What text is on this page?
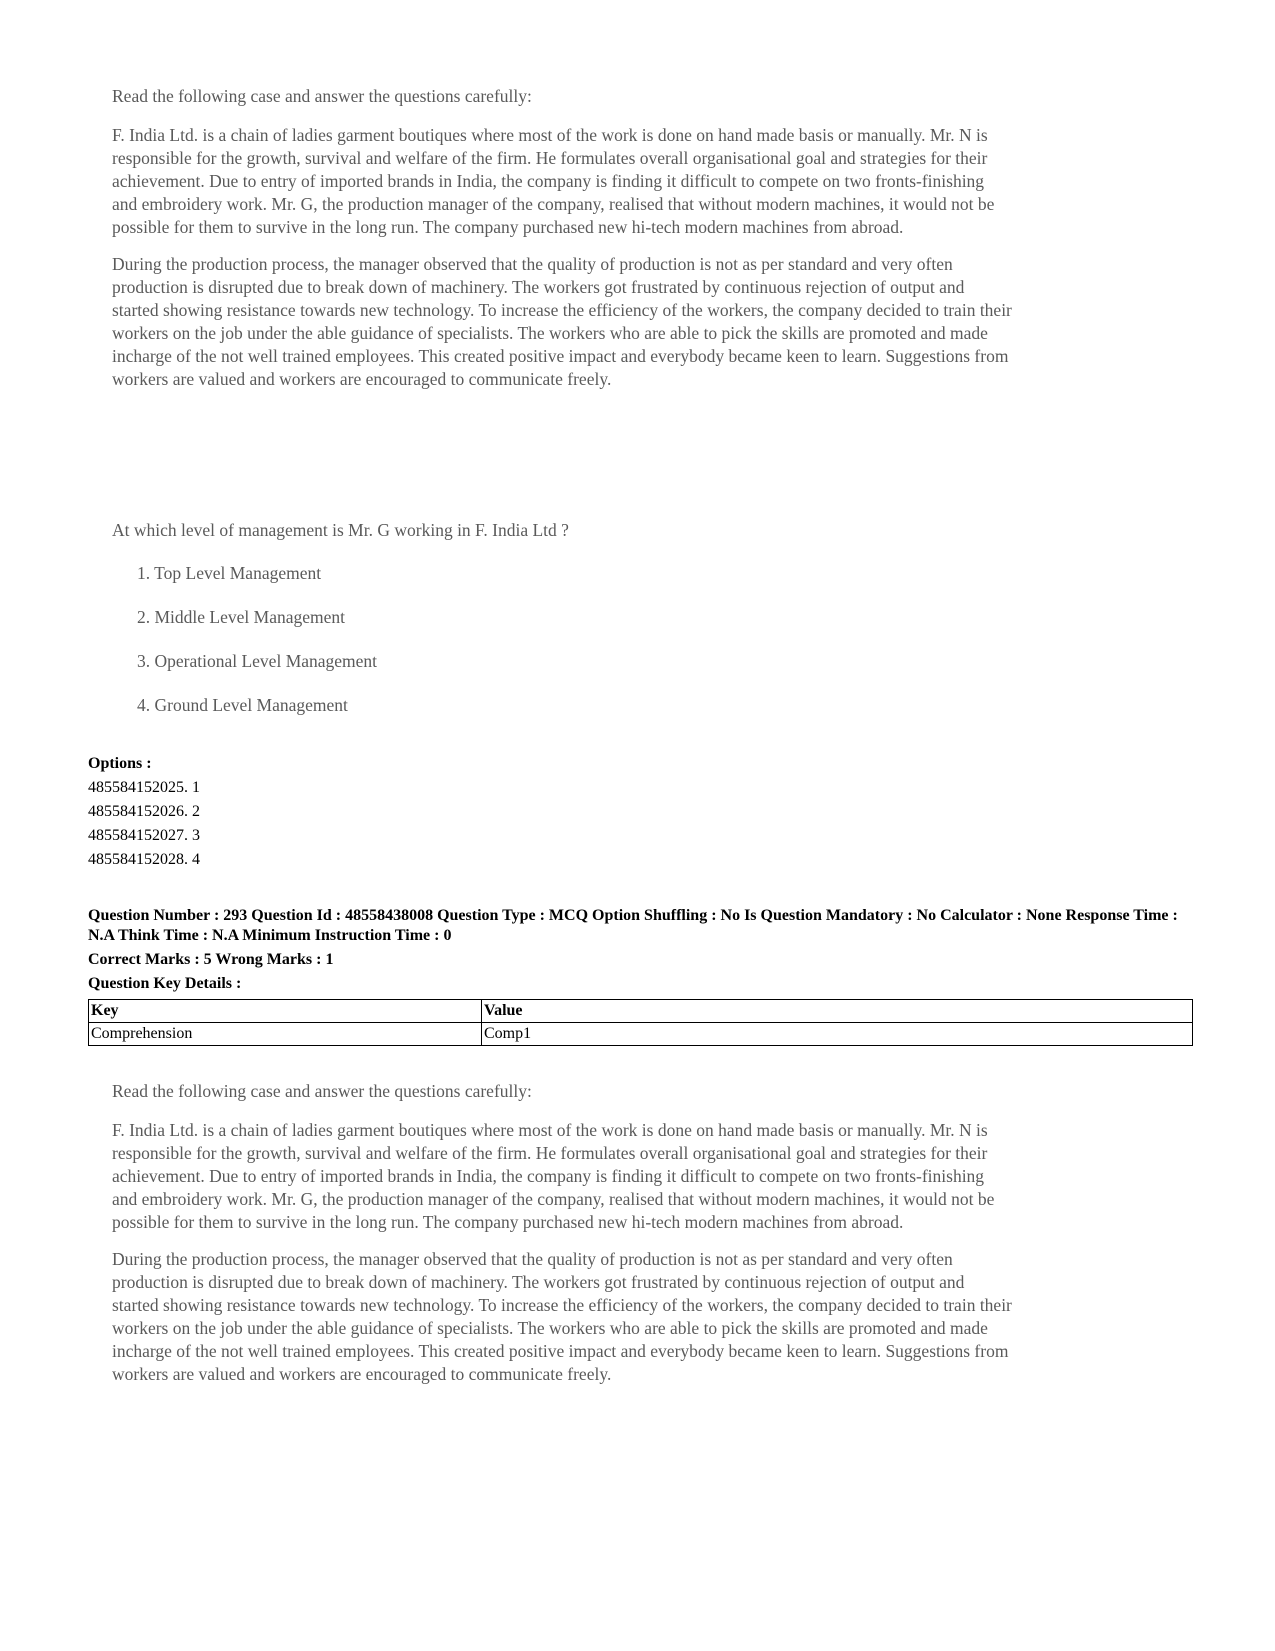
Read the following case and answer the questions carefully:

F. India Ltd. is a chain of ladies garment boutiques where most of the work is done on hand made basis or manually. Mr. N is responsible for the growth, survival and welfare of the firm. He formulates overall organisational goal and strategies for their achievement. Due to entry of imported brands in India, the company is finding it difficult to compete on two fronts-finishing and embroidery work. Mr. G, the production manager of the company, realised that without modern machines, it would not be possible for them to survive in the long run. The company purchased new hi-tech modern machines from abroad.

During the production process, the manager observed that the quality of production is not as per standard and very often production is disrupted due to break down of machinery. The workers got frustrated by continuous rejection of output and started showing resistance towards new technology. To increase the efficiency of the workers, the company decided to train their workers on the job under the able guidance of specialists. The workers who are able to pick the skills are promoted and made incharge of the not well trained employees. This created positive impact and everybody became keen to learn. Suggestions from workers are valued and workers are encouraged to communicate freely.

At which level of management is Mr. G working in F. India Ltd ?

1. Top Level Management
2. Middle Level Management
3. Operational Level Management
4. Ground Level Management
Options :
485584152025. 1
485584152026. 2
485584152027. 3
485584152028. 4
Question Number : 293 Question Id : 48558438008 Question Type : MCQ Option Shuffling : No Is Question Mandatory : No Calculator : None Response Time : N.A Think Time : N.A Minimum Instruction Time : 0
Correct Marks : 5 Wrong Marks : 1
Question Key Details :
Key	Value
Comprehension	Comp1

Read the following case and answer the questions carefully:

F. India Ltd. is a chain of ladies garment boutiques where most of the work is done on hand made basis or manually. Mr. N is responsible for the growth, survival and welfare of the firm. He formulates overall organisational goal and strategies for their achievement. Due to entry of imported brands in India, the company is finding it difficult to compete on two fronts-finishing and embroidery work. Mr. G, the production manager of the company, realised that without modern machines, it would not be possible for them to survive in the long run. The company purchased new hi-tech modern machines from abroad.

During the production process, the manager observed that the quality of production is not as per standard and very often production is disrupted due to break down of machinery. The workers got frustrated by continuous rejection of output and started showing resistance towards new technology. To increase the efficiency of the workers, the company decided to train their workers on the job under the able guidance of specialists. The workers who are able to pick the skills are promoted and made incharge of the not well trained employees. This created positive impact and everybody became keen to learn. Suggestions from workers are valued and workers are encouraged to communicate freely.
